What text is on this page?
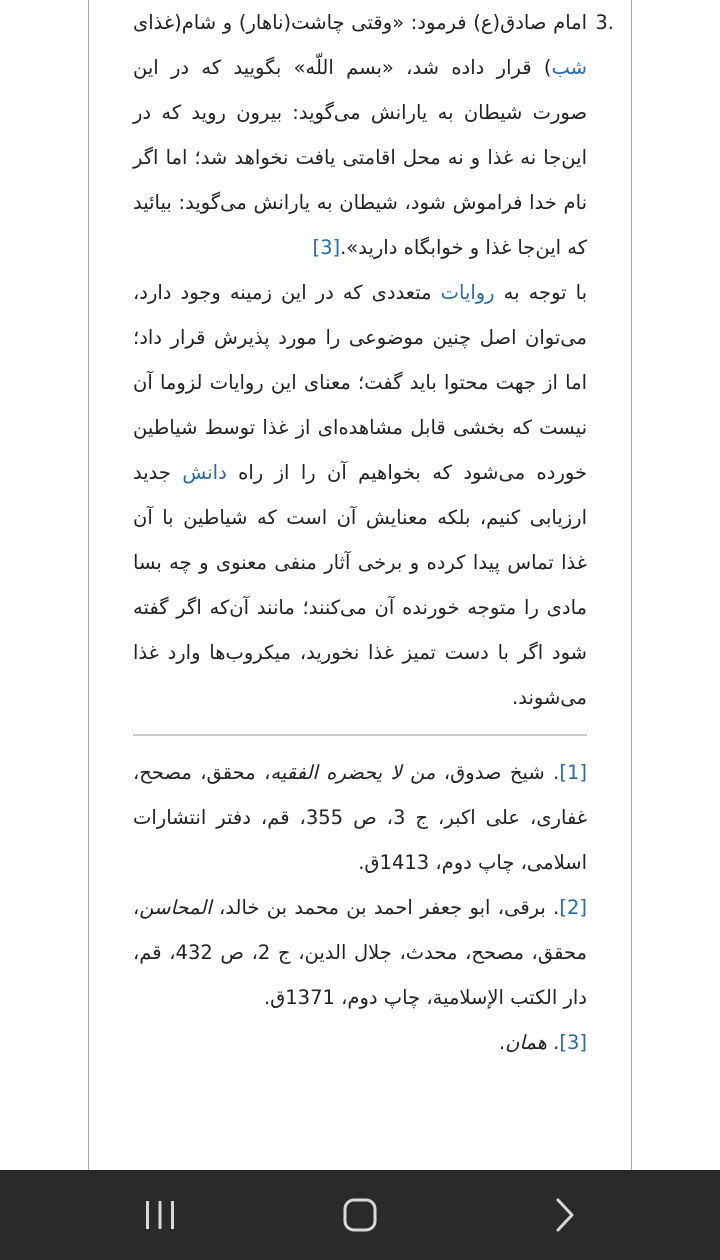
3.
امام صادق(ع) فرمود: «وقتی چاشت(ناهار) و شام(غذای شب) قرار داده شد، «بسم اللّه» بگویید که در این صورت شیطان به یارانش می‌گوید: بیرون روید که در این‌جا نه غذا و نه محل اقامتی یافت نخواهد شد؛ اما اگر نام خدا فراموش شود، شیطان به یارانش می‌گوید: بیائید که این‌جا غذا و خوابگاه دارید».[3]

با توجه به روایات متعددی که در این زمینه وجود دارد، می‌توان اصل چنین موضوعی را مورد پذیرش قرار داد؛ اما از جهت محتوا باید گفت؛ معنای این روایات لزوما آن نیست که بخشی قابل مشاهده‌ای از غذا توسط شیاطین خورده می‌شود که بخواهیم آن را از راه دانش جدید ارزیابی کنیم، بلکه معنایش آن است که شیاطین با آن غذا تماس پیدا کرده و برخی آثار منفی معنوی و چه بسا مادی را متوجه خورنده آن می‌کنند؛ مانند آن‌که اگر گفته شود اگر با دست تمیز غذا نخورید، میکروب‌ها وارد غذا می‌شوند.

[1]. شیخ صدوق، من لا یحضره الفقیه، محقق، مصحح، غفاری، علی اکبر، ج 3، ص 355، قم، دفتر انتشارات اسلامی، چاپ دوم، 1413ق.

[2]. برقی، ابو جعفر احمد بن محمد بن خالد، المحاسن، محقق، مصحح، محدث، جلال الدین، ج 2، ص 432، قم، دار الکتب الإسلامیة، چاپ دوم، 1371ق.

[3]. همان.
